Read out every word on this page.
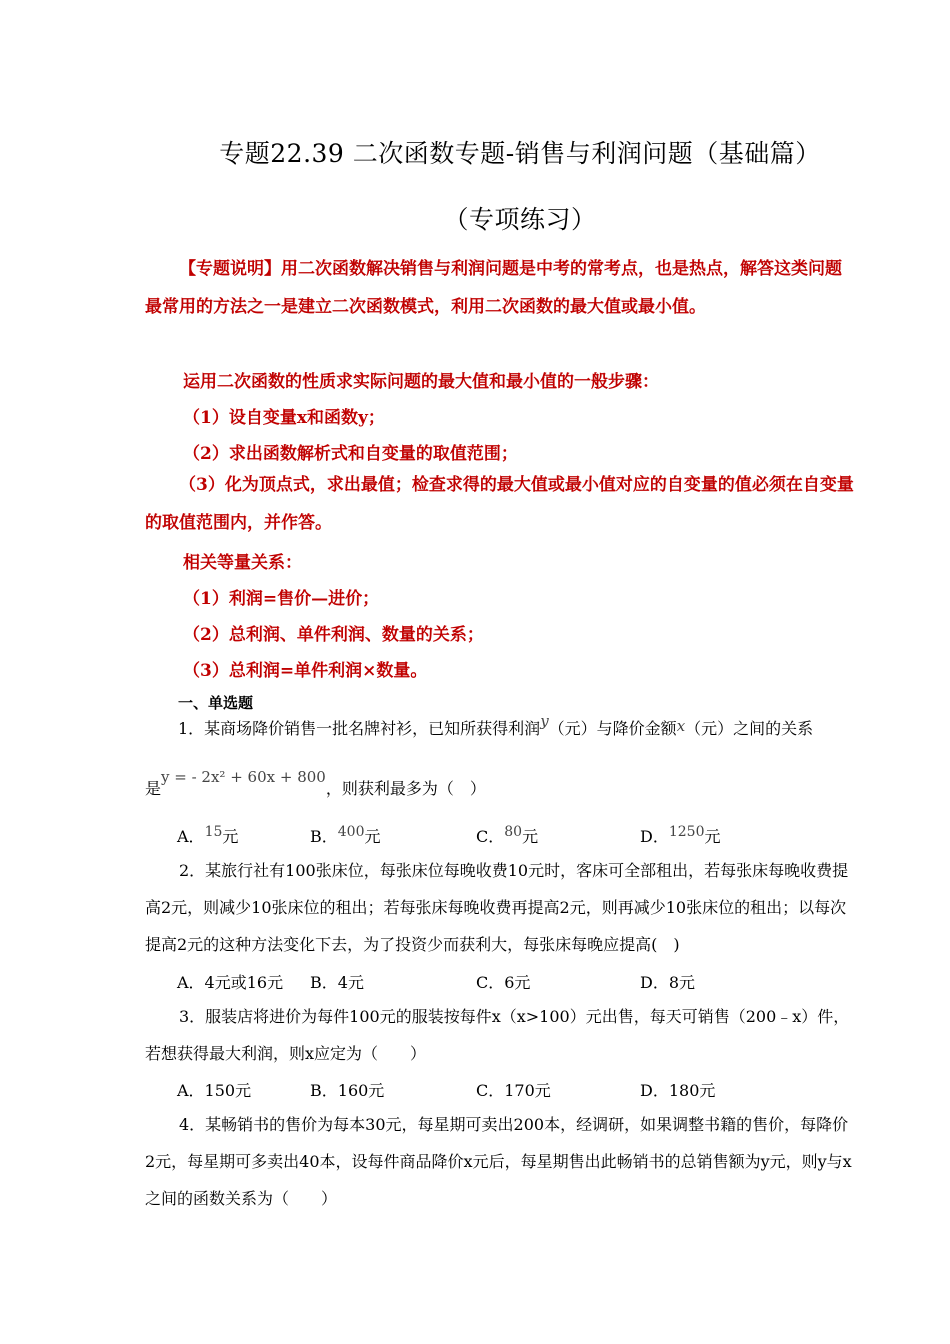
专题22.39 二次函数专题-销售与利润问题（基础篇）
（专项练习）
【专题说明】用二次函数解决销售与利润问题是中考的常考点，也是热点，解答这类问题最常用的方法之一是建立二次函数模式，利用二次函数的最大值或最小值。
运用二次函数的性质求实际问题的最大值和最小值的一般步骤：
（1）设自变量x和函数y；
（2）求出函数解析式和自变量的取值范围；
（3）化为顶点式，求出最值；检查求得的最大值或最小值对应的自变量的值必须在自变量的取值范围内，并作答。
相关等量关系：
（1）利润=售价—进价；
（2）总利润、单件利润、数量的关系；
（3）总利润=单件利润×数量。
一、单选题
1．某商场降价销售一批名牌衬衫，已知所获得利润y（元）与降价金额x（元）之间的关系
是y = - 2x² + 60x + 800，则获利最多为（　）
A．15元	B．400元	C．80元	D．1250元
2．某旅行社有100张床位，每张床位每晚收费10元时，客床可全部租出，若每张床每晚收费提高2元，则减少10张床位的租出；若每张床每晚收费再提高2元，则再减少10张床位的租出；以每次提高2元的这种方法变化下去，为了投资少而获利大，每张床每晚应提高(　)
A．4元或16元 B．4元	C．6元	D．8元
3．服装店将进价为每件100元的服装按每件x（x>100）元出售，每天可销售（200﹣x）件，若想获得最大利润，则x应定为（　　）
A．150元	B．160元	C．170元	D．180元
4．某畅销书的售价为每本30元，每星期可卖出200本，经调研，如果调整书籍的售价，每降价2元，每星期可多卖出40本，设每件商品降价x元后，每星期售出此畅销书的总销售额为y元，则y与x之间的函数关系为（　　）
